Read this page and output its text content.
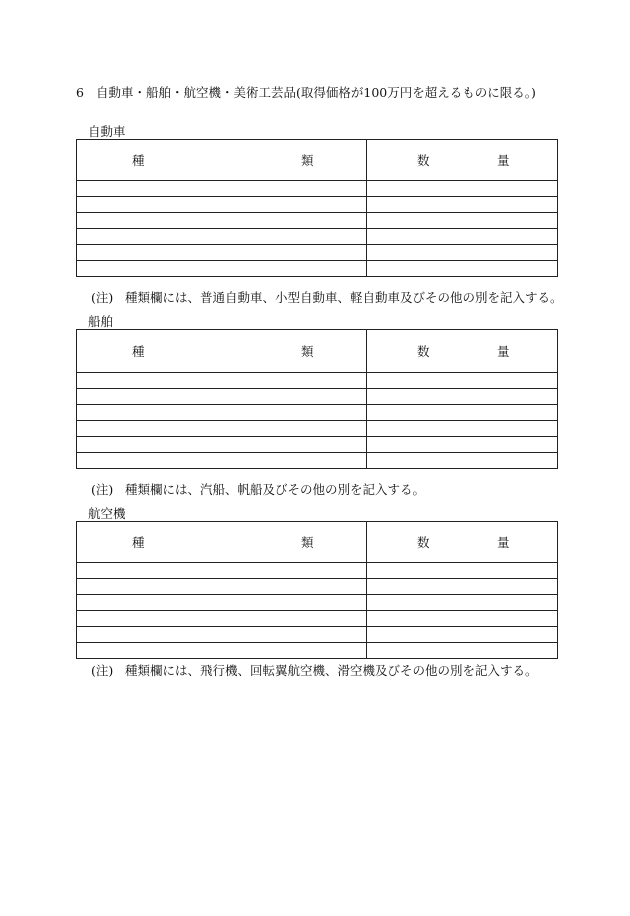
6 自動車・船舶・航空機・美術工芸品(取得価格が100万円を超えるものに限る。)
自動車
種 類	数 量

(注) 種類欄には、普通自動車、小型自動車、軽自動車及びその他の別を記入する。
船舶
種 類	数 量

(注) 種類欄には、汽船、帆船及びその他の別を記入する。
航空機
種 類	数 量

(注) 種類欄には、飛行機、回転翼航空機、滑空機及びその他の別を記入する。
